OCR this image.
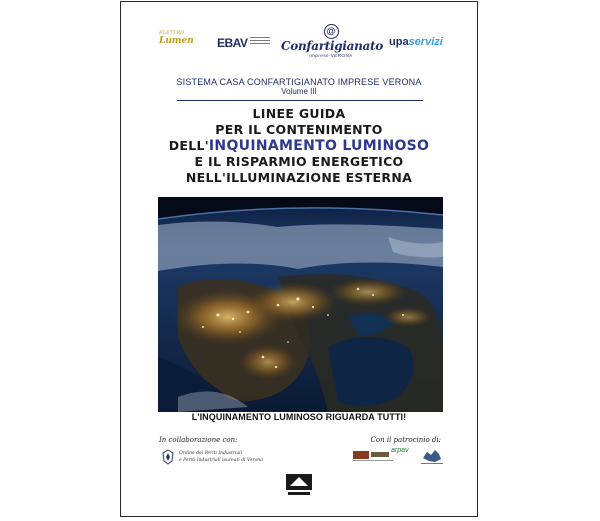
ELETTRO
Lumen	EBAV
@
Confartigianato
Imprese VERONA
upaservizi
SISTEMA CASA CONFARTIGIANATO IMPRESE VERONA
Volume III
LINEE GUIDA
PER IL CONTENIMENTO
DELL'INQUINAMENTO LUMINOSO
E IL RISPARMIO ENERGETICO
NELL'ILLUMINAZIONE ESTERNA
L'INQUINAMENTO LUMINOSO RIGUARDA TUTTI!
In collaborazione con:	Con il patrocinio di:
Ordine dei Periti Industriali
e Periti Industriali laureati di Verona
arpav
